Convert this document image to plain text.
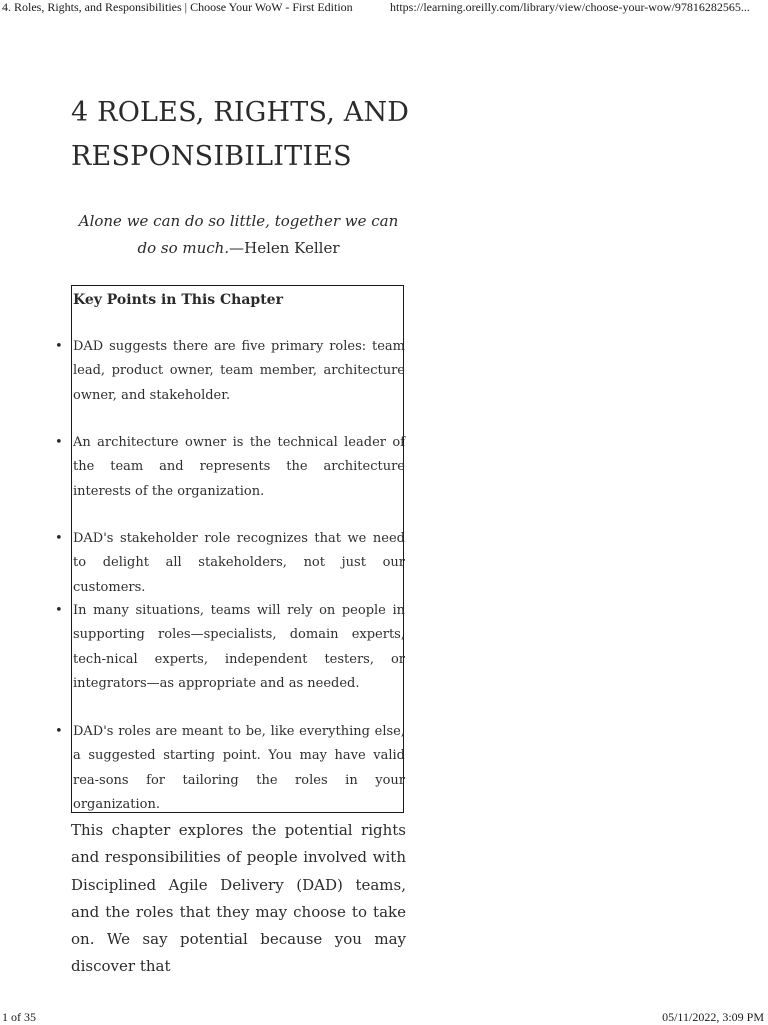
4. Roles, Rights, and Responsibilities | Choose Your WoW - First Edition	https://learning.oreilly.com/library/view/choose-your-wow/97816282565...
4 ROLES, RIGHTS, AND RESPONSIBILITIES

Alone we can do so little, together we can do so much.—Helen Keller

Key Points in This Chapter
• DAD suggests there are five primary roles: team lead, product owner, team member, architecture owner, and stakeholder.
• An architecture owner is the technical leader of the team and represents the architecture interests of the organization.
• DAD's stakeholder role recognizes that we need to delight all stakeholders, not just our customers.
• In many situations, teams will rely on people in supporting roles—specialists, domain experts, tech-nical experts, independent testers, or integrators—as appropriate and as needed.
• DAD's roles are meant to be, like everything else, a suggested starting point. You may have valid rea-sons for tailoring the roles in your organization.

This chapter explores the potential rights and responsibilities of people involved with Disciplined Agile Delivery (DAD) teams, and the roles that they may choose to take on. We say potential because you may discover that

1 of 35	05/11/2022, 3:09 PM
